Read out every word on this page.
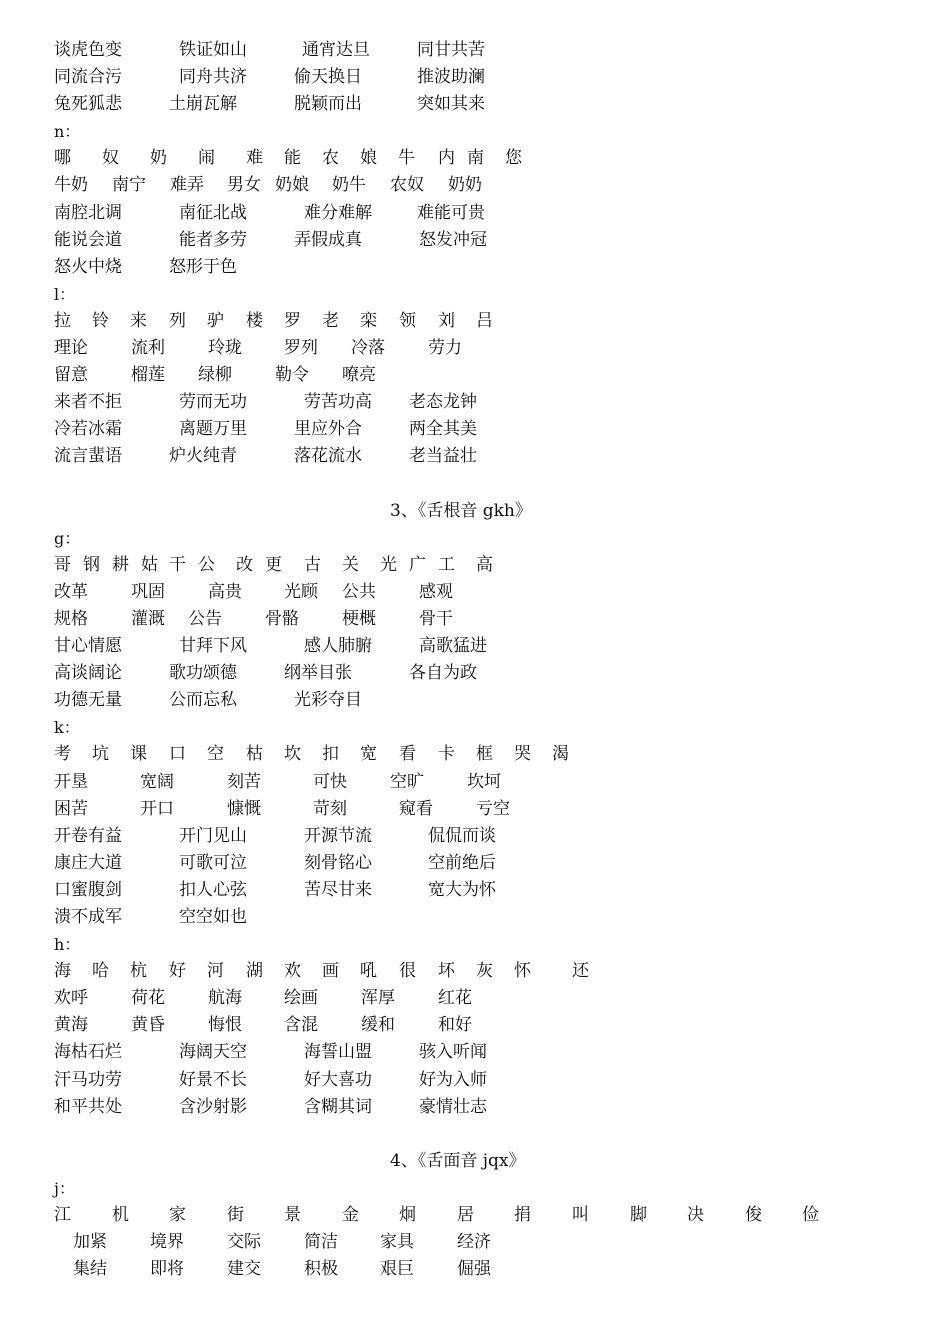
谈虎色变	铁证如山	通宵达旦	同甘共苦
同流合污	同舟共济	偷天换日	推波助澜
兔死狐悲	土崩瓦解	脱颖而出	突如其来
n：
哪 奴 奶 闹 难 能 农 娘 牛 内 南 您
牛奶 南宁 难弄 男女 奶娘 奶牛 农奴 奶奶
南腔北调	南征北战	难分难解	难能可贵
能说会道	能者多劳	弄假成真	怒发冲冠
怒火中烧	怒形于色
l：
拉 铃 来 列 驴 楼 罗 老 栾 领 刘 吕
理论	流利	玲珑 罗列 冷落	劳力
留意	榴莲 绿柳	勒令 嘹亮
来者不拒	劳而无功	劳苦功高 老态龙钟
冷若冰霜	离题万里	里应外合	两全其美
流言蜚语	炉火纯青	落花流水	老当益壮
3、《舌根音 gkh》
g：
哥 钢 耕 姑 干 公 改 更 古 关 光 广 工 高
改革	巩固	高贵 光顾 公共	感观
规格	灌溉 公告	骨骼	梗概	骨干
甘心情愿	甘拜下风	感人肺腑	高歌猛进
高谈阔论	歌功颂德	纲举目张	各自为政
功德无量	公而忘私	光彩夺目
k：
考 坑 课 口 空 枯 坎 扣 宽 看 卡 框 哭 渴
开垦	宽阔	刻苦	可快	空旷	坎坷
困苦	开口	慷慨	苛刻	窥看	亏空
开卷有益	开门见山	开源节流	侃侃而谈
康庄大道	可歌可泣	刻骨铭心	空前绝后
口蜜腹剑	扣人心弦	苦尽甘来	宽大为怀
溃不成军	空空如也
h：
海 哈 杭 好 河 湖 欢 画 吼 很 坏 灰 怀 还
欢呼	荷花	航海 绘画	浑厚	红花
黄海	黄昏	悔恨 含混	缓和	和好
海枯石烂	海阔天空	海誓山盟	骇入听闻
汗马功劳	好景不长	好大喜功	好为入师
和平共处	含沙射影	含糊其词	豪情壮志
4、《舌面音 jqx》
j：
江 机 家 街 景 金 炯 居 捐 叫 脚 决 俊 俭
加紧	境界	交际	简洁 家具	经济
集结	即将	建交	积极 艰巨	倔强
